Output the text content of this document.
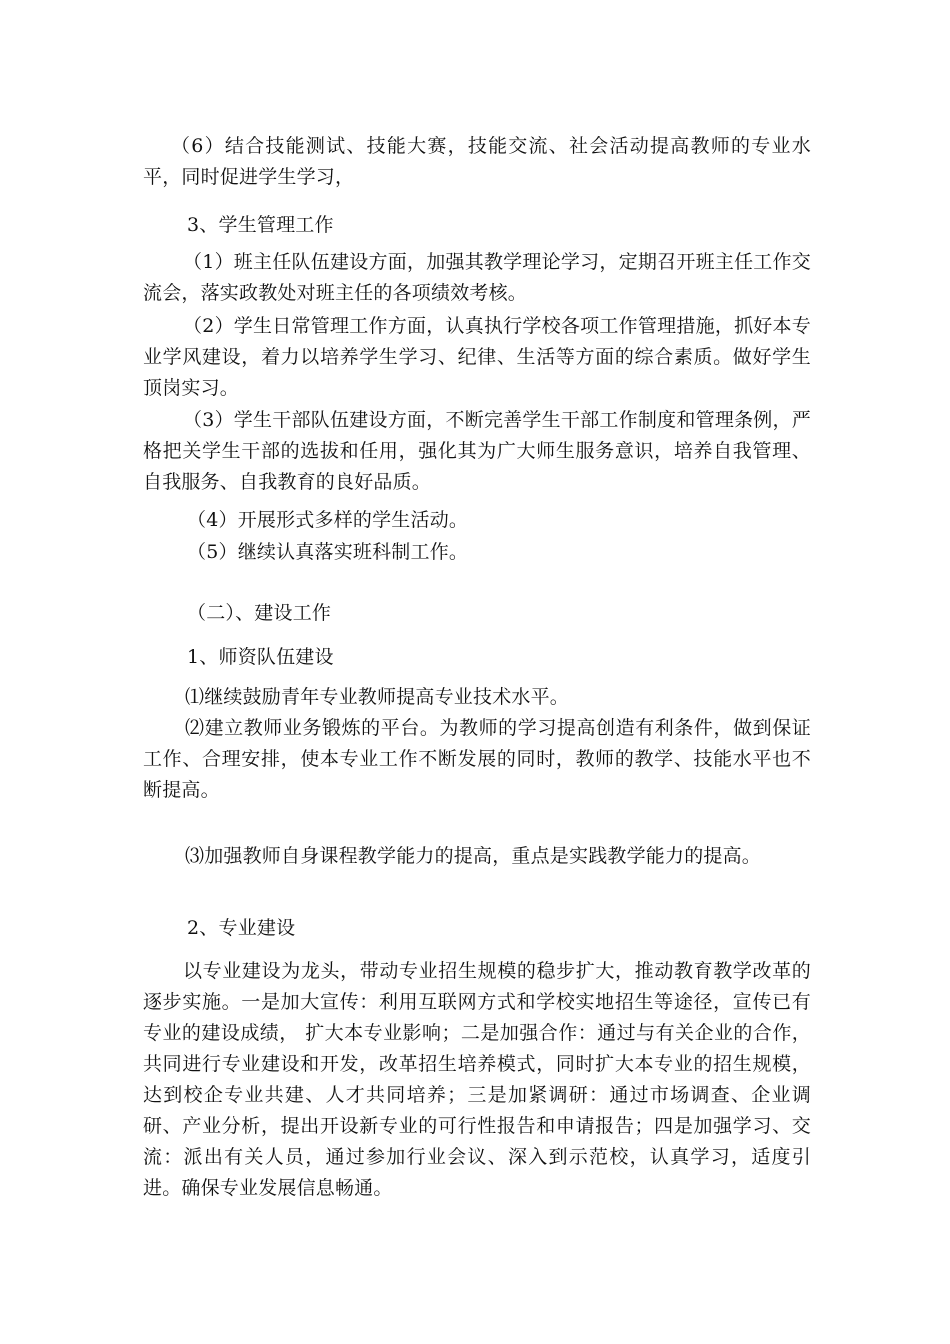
（6）结合技能测试、技能大赛，技能交流、社会活动提高教师的专业水平，同时促进学生学习，

3、学生管理工作

（1）班主任队伍建设方面，加强其教学理论学习，定期召开班主任工作交流会，落实政教处对班主任的各项绩效考核。

（2）学生日常管理工作方面，认真执行学校各项工作管理措施，抓好本专业学风建设，着力以培养学生学习、纪律、生活等方面的综合素质。做好学生顶岗实习。

（3）学生干部队伍建设方面，不断完善学生干部工作制度和管理条例，严格把关学生干部的选拔和任用，强化其为广大师生服务意识，培养自我管理、自我服务、自我教育的良好品质。

（4）开展形式多样的学生活动。

（5）继续认真落实班科制工作。

（二）、建设工作

1、师资队伍建设

⑴继续鼓励青年专业教师提高专业技术水平。

⑵建立教师业务锻炼的平台。为教师的学习提高创造有利条件，做到保证工作、合理安排，使本专业工作不断发展的同时，教师的教学、技能水平也不断提高。

⑶加强教师自身课程教学能力的提高，重点是实践教学能力的提高。

2、专业建设

以专业建设为龙头，带动专业招生规模的稳步扩大，推动教育教学改革的逐步实施。一是加大宣传：利用互联网方式和学校实地招生等途径，宣传已有专业的建设成绩， 扩大本专业影响；二是加强合作：通过与有关企业的合作，共同进行专业建设和开发，改革招生培养模式，同时扩大本专业的招生规模，达到校企专业共建、人才共同培养；三是加紧调研：通过市场调查、企业调研、产业分析，提出开设新专业的可行性报告和申请报告；四是加强学习、交流：派出有关人员，通过参加行业会议、深入到示范校，认真学习，适度引进。确保专业发展信息畅通。
